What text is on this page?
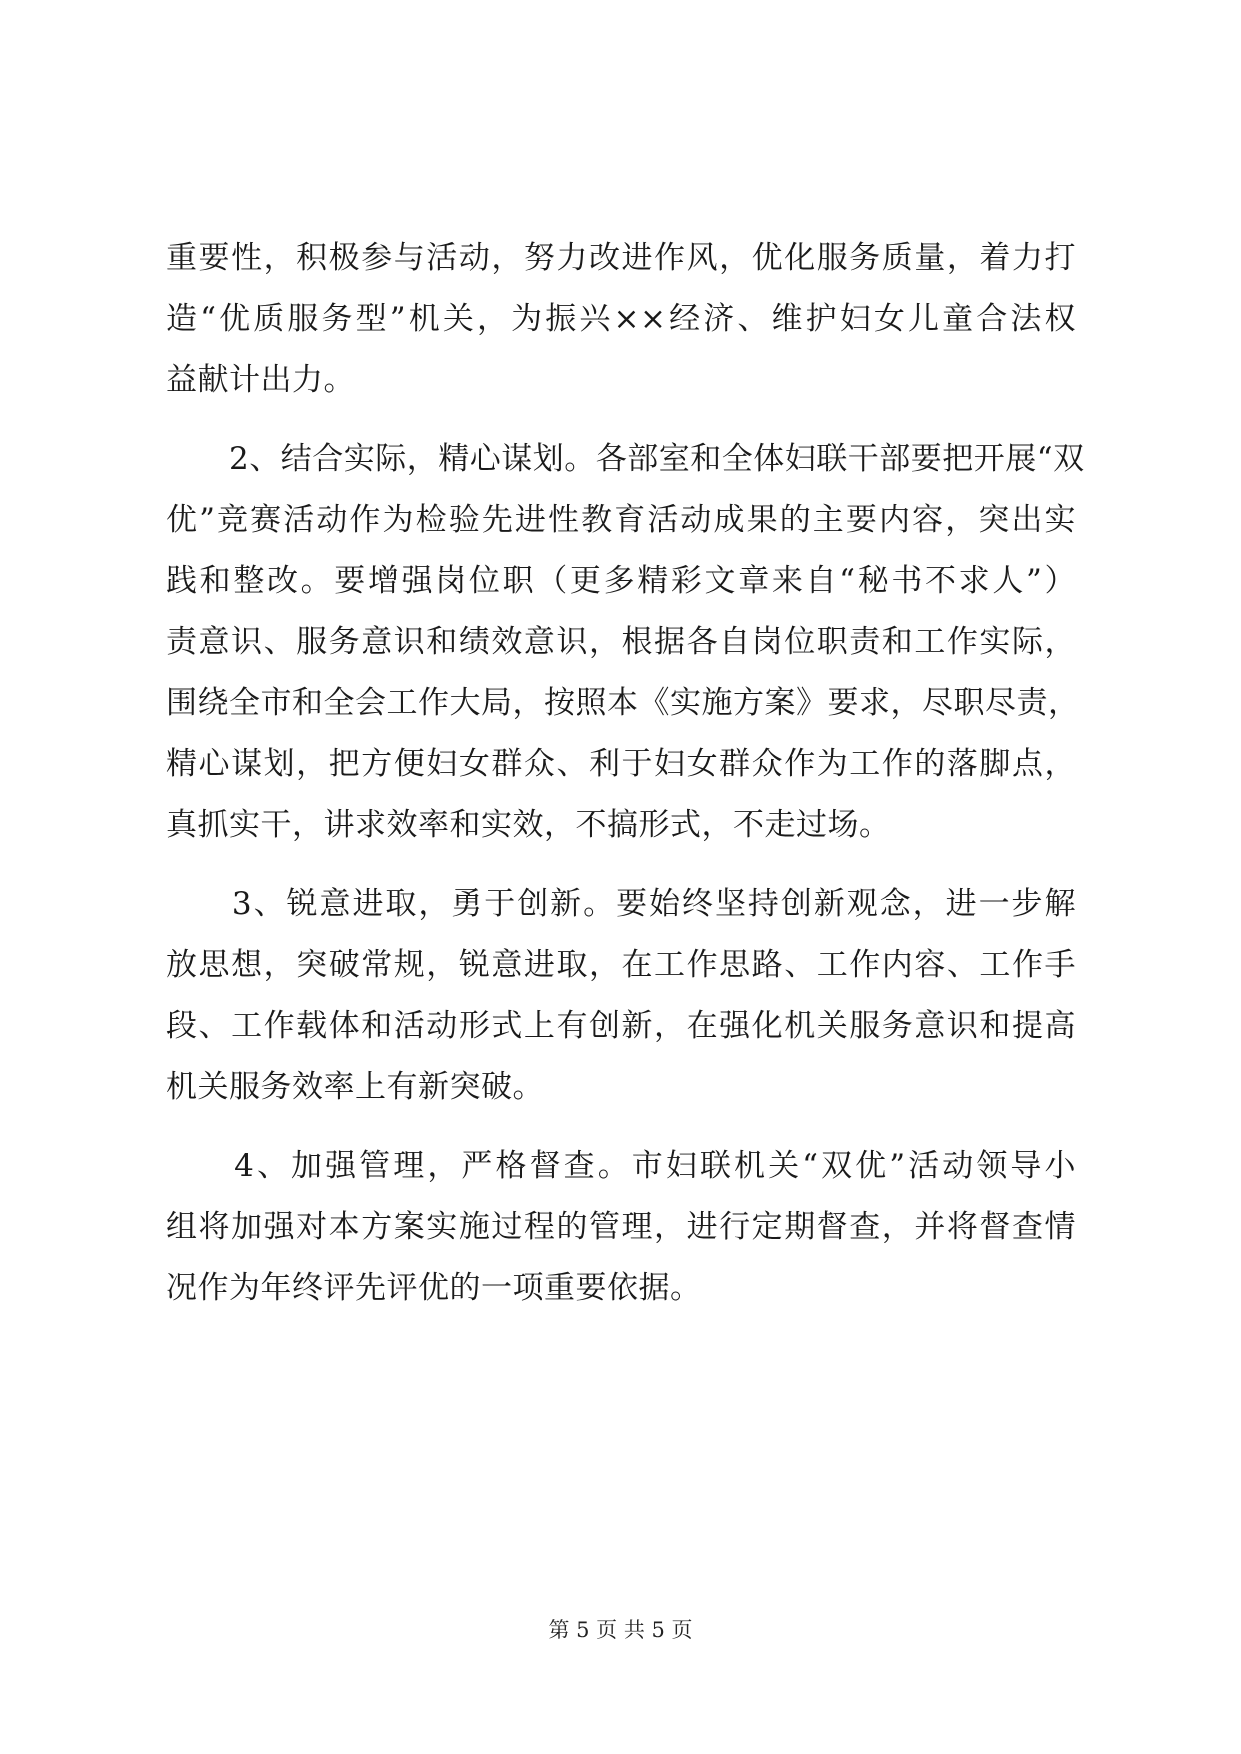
重要性，积极参与活动，努力改进作风，优化服务质量，着力打
造“优质服务型”机关，为振兴××经济、维护妇女儿童合法权
益献计出力。
　　2、结合实际，精心谋划。各部室和全体妇联干部要把开展“双
优”竞赛活动作为检验先进性教育活动成果的主要内容，突出实
践和整改。要增强岗位职（更多精彩文章来自“秘书不求人”）
责意识、服务意识和绩效意识，根据各自岗位职责和工作实际，
围绕全市和全会工作大局，按照本《实施方案》要求，尽职尽责，
精心谋划，把方便妇女群众、利于妇女群众作为工作的落脚点，
真抓实干，讲求效率和实效，不搞形式，不走过场。
　　3、锐意进取，勇于创新。要始终坚持创新观念，进一步解
放思想，突破常规，锐意进取，在工作思路、工作内容、工作手
段、工作载体和活动形式上有创新，在强化机关服务意识和提高
机关服务效率上有新突破。
　　4、加强管理，严格督查。市妇联机关“双优”活动领导小
组将加强对本方案实施过程的管理，进行定期督查，并将督查情
况作为年终评先评优的一项重要依据。
第 5 页 共 5 页
